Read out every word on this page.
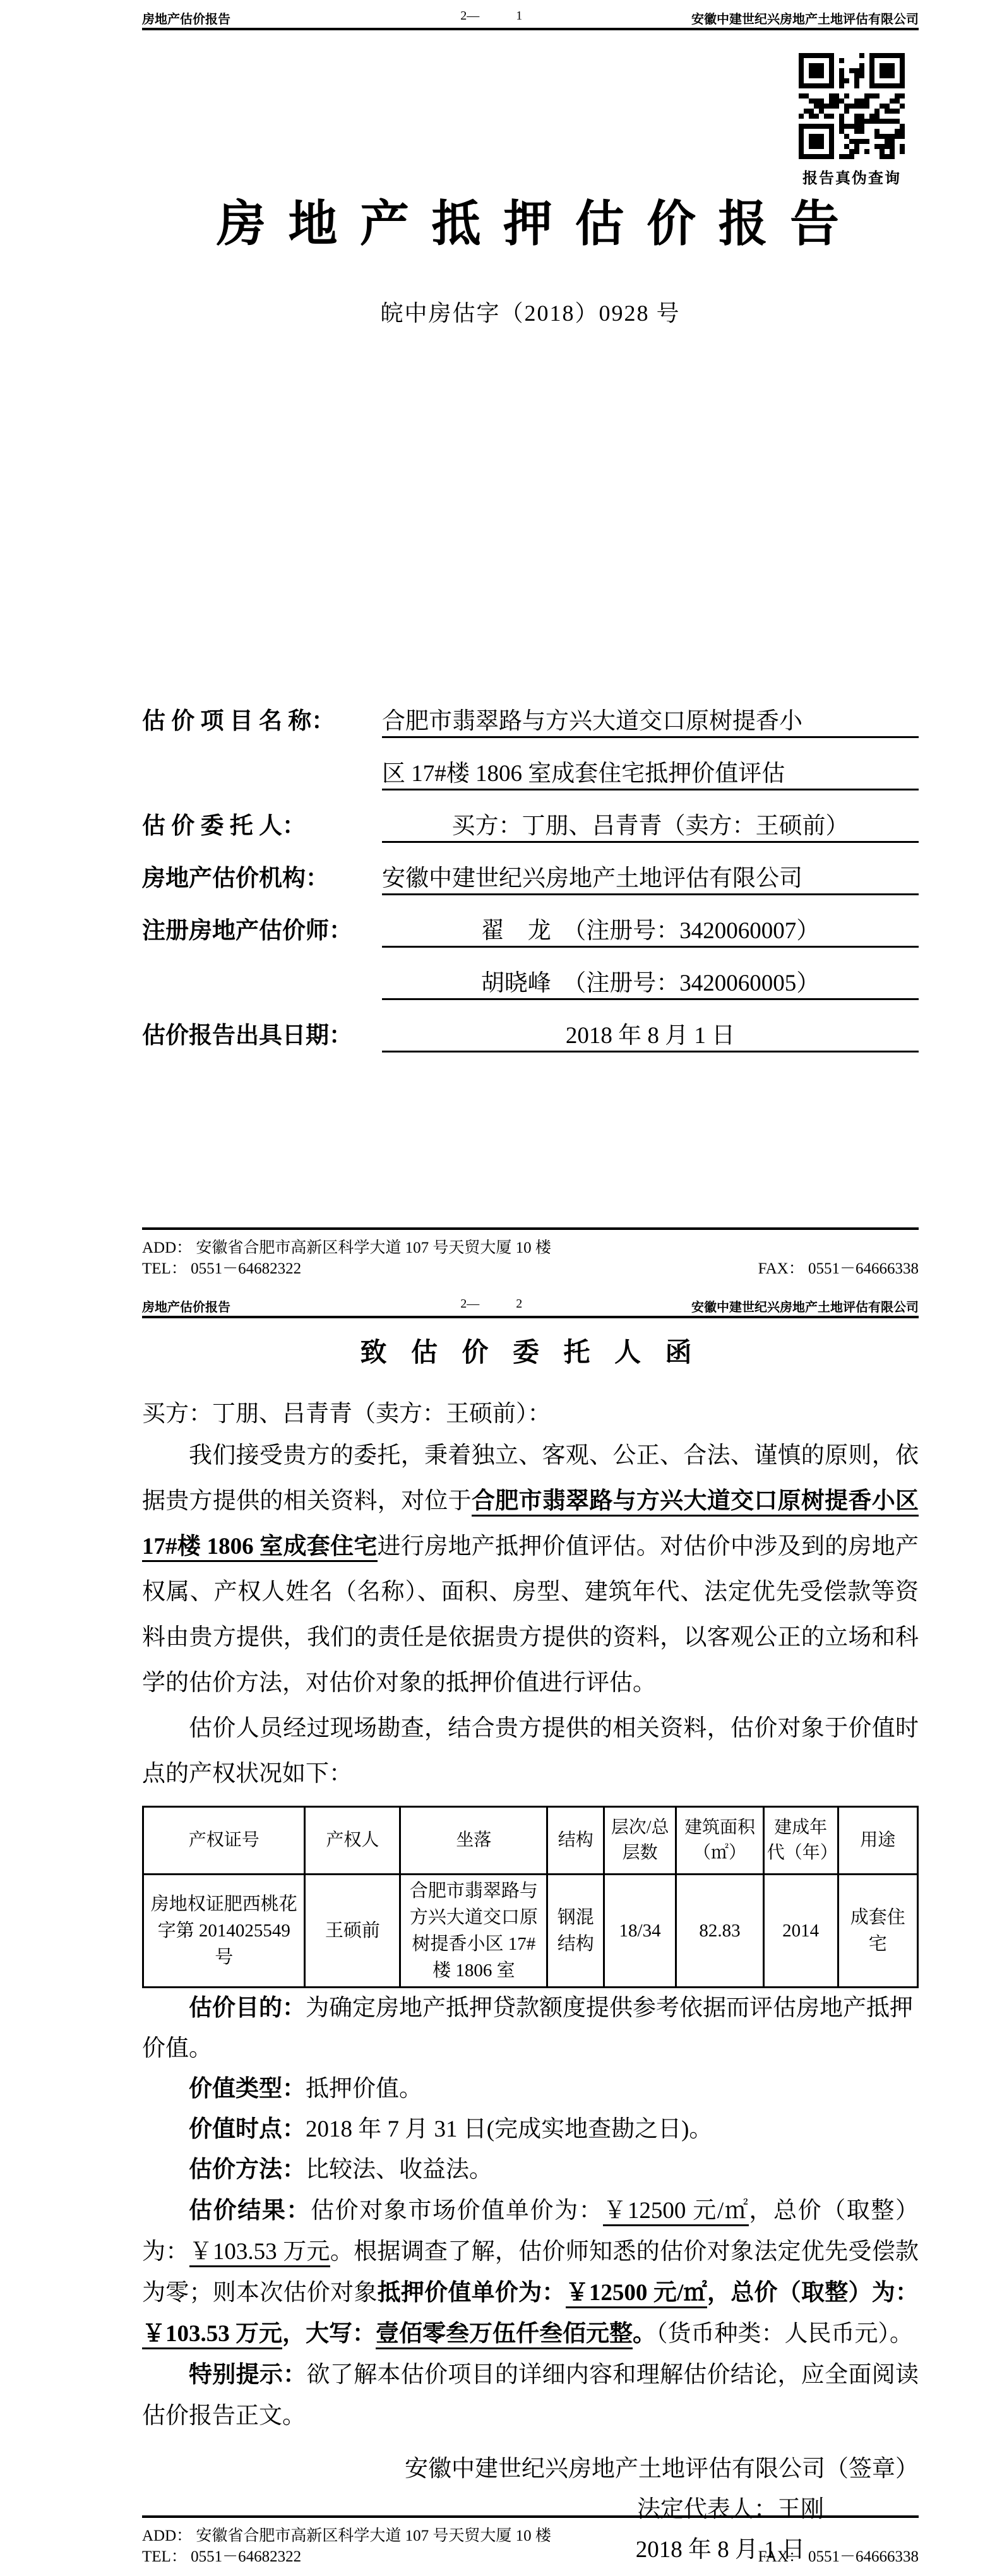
房地产估价报告	安徽中建世纪兴房地产土地评估有限公司
2—	1
报告真伪查询
房 地 产 抵 押 估 价 报 告
皖中房估字（2018）0928 号
估 价 项 目 名 称：	合肥市翡翠路与方兴大道交口原树提香小
区 17#楼 1806 室成套住宅抵押价值评估
估 价 委 托 人：	买方：丁朋、吕青青（卖方：王硕前）
房地产估价机构：	安徽中建世纪兴房地产土地评估有限公司
注册房地产估价师：	翟　龙　（注册号：3420060007）
胡晓峰　（注册号：3420060005）
估价报告出具日期：	2018 年 8 月 1 日
ADD： 安徽省合肥市高新区科学大道 107 号天贸大厦 10 楼
TEL： 0551－64682322	FAX： 0551－64666338
房地产估价报告	安徽中建世纪兴房地产土地评估有限公司
2—	2
致 估 价 委 托 人 函
买方：丁朋、吕青青（卖方：王硕前）：

我们接受贵方的委托，秉着独立、客观、公正、合法、谨慎的原则，依据贵方提供的相关资料，对位于合肥市翡翠路与方兴大道交口原树提香小区 17#楼 1806 室成套住宅进行房地产抵押价值评估。对估价中涉及到的房地产权属、产权人姓名（名称）、面积、房型、建筑年代、法定优先受偿款等资料由贵方提供，我们的责任是依据贵方提供的资料，以客观公正的立场和科学的估价方法，对估价对象的抵押价值进行评估。

估价人员经过现场勘查，结合贵方提供的相关资料，估价对象于价值时点的产权状况如下：

产权证号	产权人	坐落	结构	层次/总层数	建筑面积（㎡）	建成年代（年）	用途
房地权证肥西桃花字第 2014025549 号	王硕前	合肥市翡翠路与方兴大道交口原树提香小区 17#楼 1806 室	钢混结构	18/34	82.83	2014	成套住宅

估价目的：为确定房地产抵押贷款额度提供参考依据而评估房地产抵押价值。

价值类型：抵押价值。

价值时点：2018 年 7 月 31 日(完成实地查勘之日)。

估价方法：比较法、收益法。

估价结果：估价对象市场价值单价为：￥12500 元/㎡，总价（取整）为：￥103.53 万元。根据调查了解，估价师知悉的估价对象法定优先受偿款为零；则本次估价对象抵押价值单价为：￥12500 元/㎡，总价（取整）为：￥103.53 万元，大写：壹佰零叁万伍仟叁佰元整。（货币种类：人民币元）。

特别提示：欲了解本估价项目的详细内容和理解估价结论，应全面阅读估价报告正文。

安徽中建世纪兴房地产土地评估有限公司（签章）
法定代表人：王刚
2018 年 8 月 1 日
ADD： 安徽省合肥市高新区科学大道 107 号天贸大厦 10 楼
TEL： 0551－64682322	FAX： 0551－64666338
